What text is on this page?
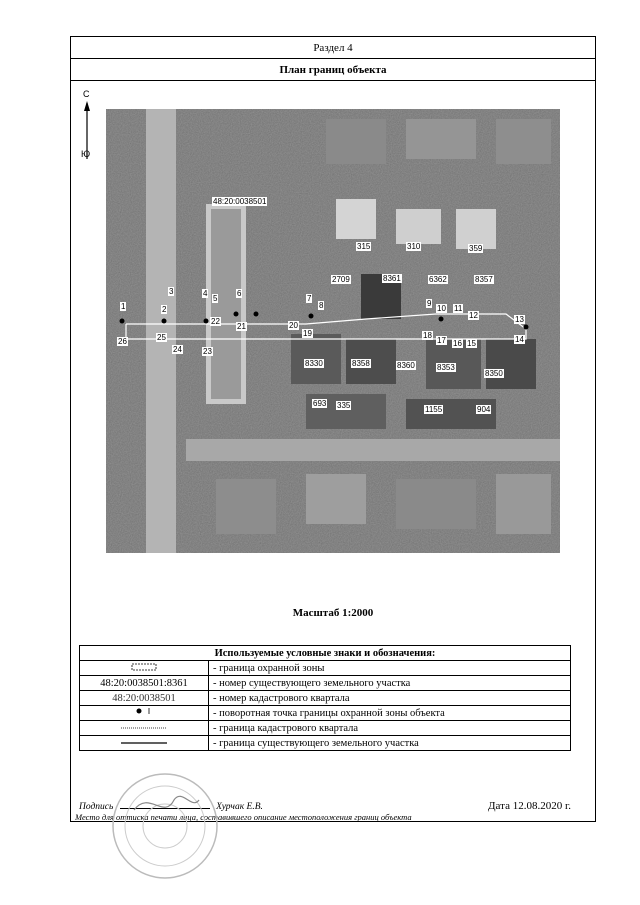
Раздел 4
План границ объекта
С
Ю
48:20:0038501
315	310	359
2709	8361	6362	8357
8330	8358	8360	8353
8350
693 335	1155	904
1	2
3	4
5
6
7
8	9
10 11
12	13
14
15
16
17
18
19
20
21
22
23
24
25
26
Масштаб 1:2000
Используемые условные знаки и обозначения:	
	- граница охранной зоны
48:20:0038501:8361	- номер существующего земельного участка
48:20:0038501	- номер кадастрового квартала
	- поворотная точка границы охранной зоны объекта
	- граница кадастрового квартала
	- граница существующего земельного участка
Подпись	Хурчак Е.В.	Дата 12.08.2020 г.
Место для оттиска печати лица, составившего описание местоположения границ объекта
